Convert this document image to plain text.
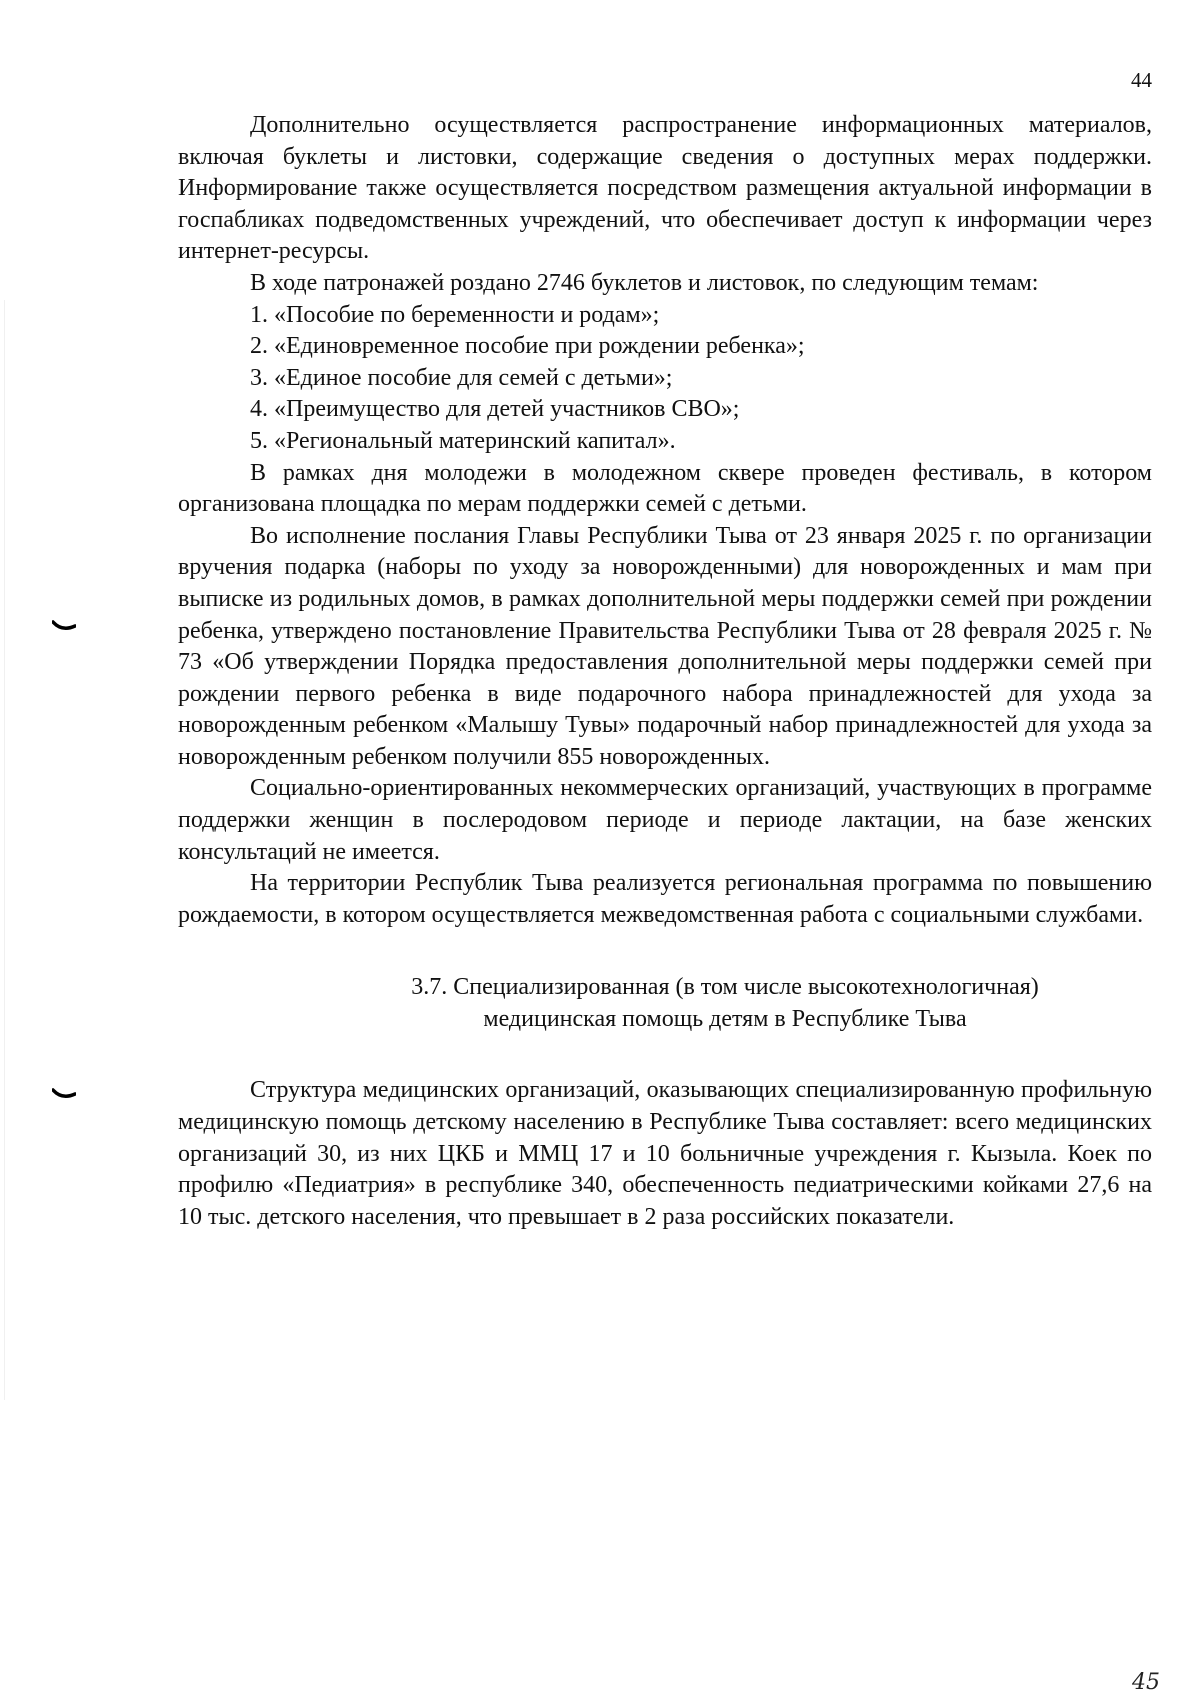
44

Дополнительно осуществляется распространение информационных материалов, включая буклеты и листовки, содержащие сведения о доступных мерах поддержки. Информирование также осуществляется посредством размещения актуальной информации в госпабликах подведомственных учреждений, что обеспечивает доступ к информации через интернет-ресурсы.

В ходе патронажей роздано 2746 буклетов и листовок, по следующим темам:

1. «Пособие по беременности и родам»;
2. «Единовременное пособие при рождении ребенка»;
3. «Единое пособие для семей с детьми»;
4. «Преимущество для детей участников СВО»;
5. «Региональный материнский капитал».

В рамках дня молодежи в молодежном сквере проведен фестиваль, в котором организована площадка по мерам поддержки семей с детьми.

Во исполнение послания Главы Республики Тыва от 23 января 2025 г. по организации вручения подарка (наборы по уходу за новорожденными) для новорожденных и мам при выписке из родильных домов, в рамках дополнительной меры поддержки семей при рождении ребенка, утверждено постановление Правительства Республики Тыва от 28 февраля 2025 г. № 73 «Об утверждении Порядка предоставления дополнительной меры поддержки семей при рождении первого ребенка в виде подарочного набора принадлежностей для ухода за новорожденным ребенком «Малышу Тувы» подарочный набор принадлежностей для ухода за новорожденным ребенком получили 855 новорожденных.

Социально-ориентированных некоммерческих организаций, участвующих в программе поддержки женщин в послеродовом периоде и периоде лактации, на базе женских консультаций не имеется.

На территории Республик Тыва реализуется региональная программа по повышению рождаемости, в котором осуществляется межведомственная работа с социальными службами.

3.7. Специализированная (в том числе высокотехнологичная)
медицинская помощь детям в Республике Тыва

Структура медицинских организаций, оказывающих специализированную профильную медицинскую помощь детскому населению в Республике Тыва составляет: всего медицинских организаций 30, из них ЦКБ и ММЦ 17 и 10 больничные учреждения г. Кызыла. Коек по профилю «Педиатрия» в республике 340, обеспеченность педиатрическими койками 27,6 на 10 тыс. детского населения, что превышает в 2 раза российских показатели.

45
